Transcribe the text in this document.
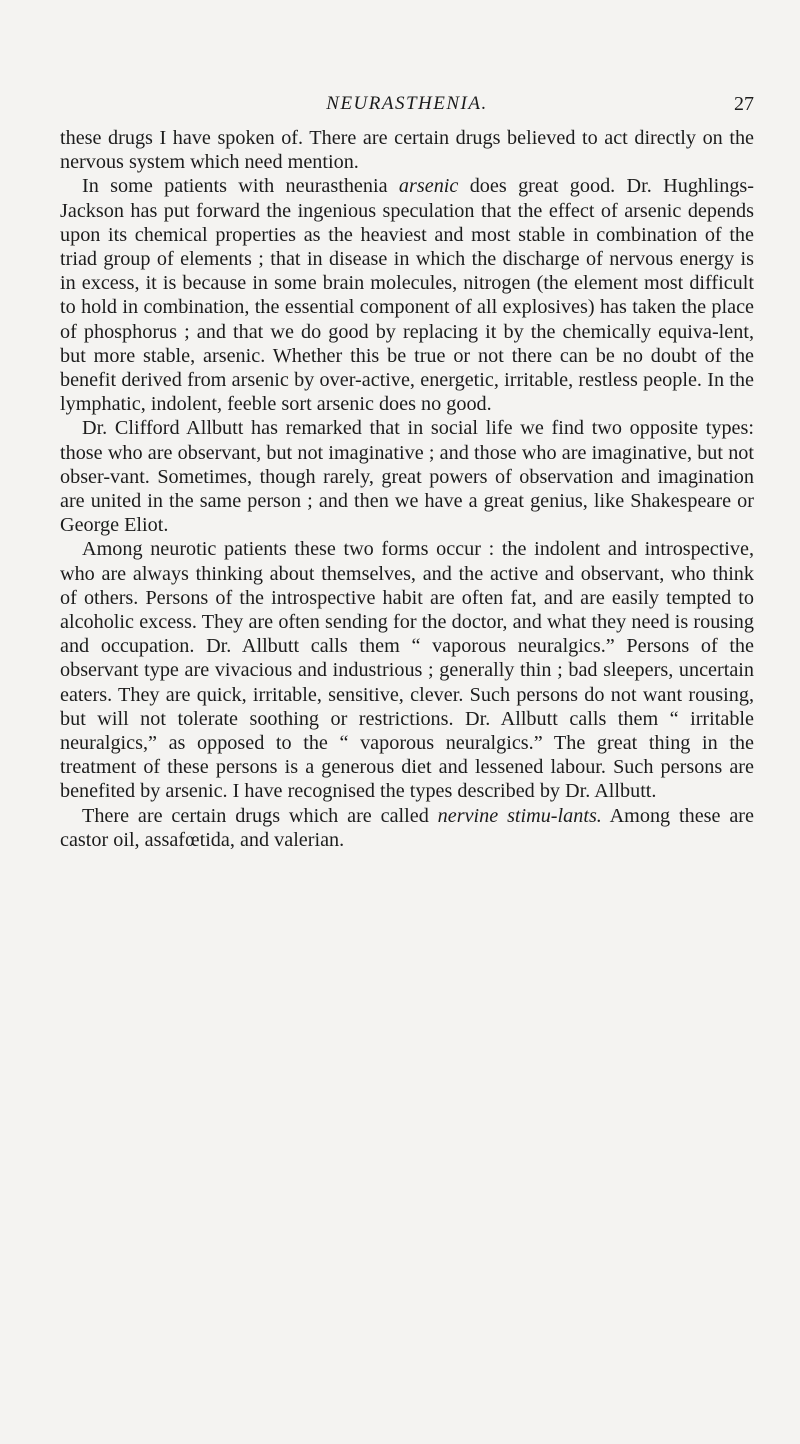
NEURASTHENIA.	27

these drugs I have spoken of. There are certain drugs believed to act directly on the nervous system which need mention.

In some patients with neurasthenia arsenic does great good. Dr. Hughlings-Jackson has put forward the ingenious speculation that the effect of arsenic depends upon its chemical properties as the heaviest and most stable in combination of the triad group of elements ; that in disease in which the discharge of nervous energy is in excess, it is because in some brain molecules, nitrogen (the element most difficult to hold in combination, the essential component of all explosives) has taken the place of phosphorus ; and that we do good by replacing it by the chemically equiva-lent, but more stable, arsenic. Whether this be true or not there can be no doubt of the benefit derived from arsenic by over-active, energetic, irritable, restless people. In the lymphatic, indolent, feeble sort arsenic does no good.

Dr. Clifford Allbutt has remarked that in social life we find two opposite types: those who are observant, but not imaginative ; and those who are imaginative, but not obser-vant. Sometimes, though rarely, great powers of observation and imagination are united in the same person ; and then we have a great genius, like Shakespeare or George Eliot.

Among neurotic patients these two forms occur : the indolent and introspective, who are always thinking about themselves, and the active and observant, who think of others. Persons of the introspective habit are often fat, and are easily tempted to alcoholic excess. They are often sending for the doctor, and what they need is rousing and occupation. Dr. Allbutt calls them “ vaporous neuralgics.” Persons of the observant type are vivacious and industrious ; generally thin ; bad sleepers, uncertain eaters. They are quick, irritable, sensitive, clever. Such persons do not want rousing, but will not tolerate soothing or restrictions. Dr. Allbutt calls them “ irritable neuralgics,” as opposed to the “ vaporous neuralgics.” The great thing in the treatment of these persons is a generous diet and lessened labour. Such persons are benefited by arsenic. I have recognised the types described by Dr. Allbutt.

There are certain drugs which are called nervine stimu-lants. Among these are castor oil, assafœtida, and valerian.
